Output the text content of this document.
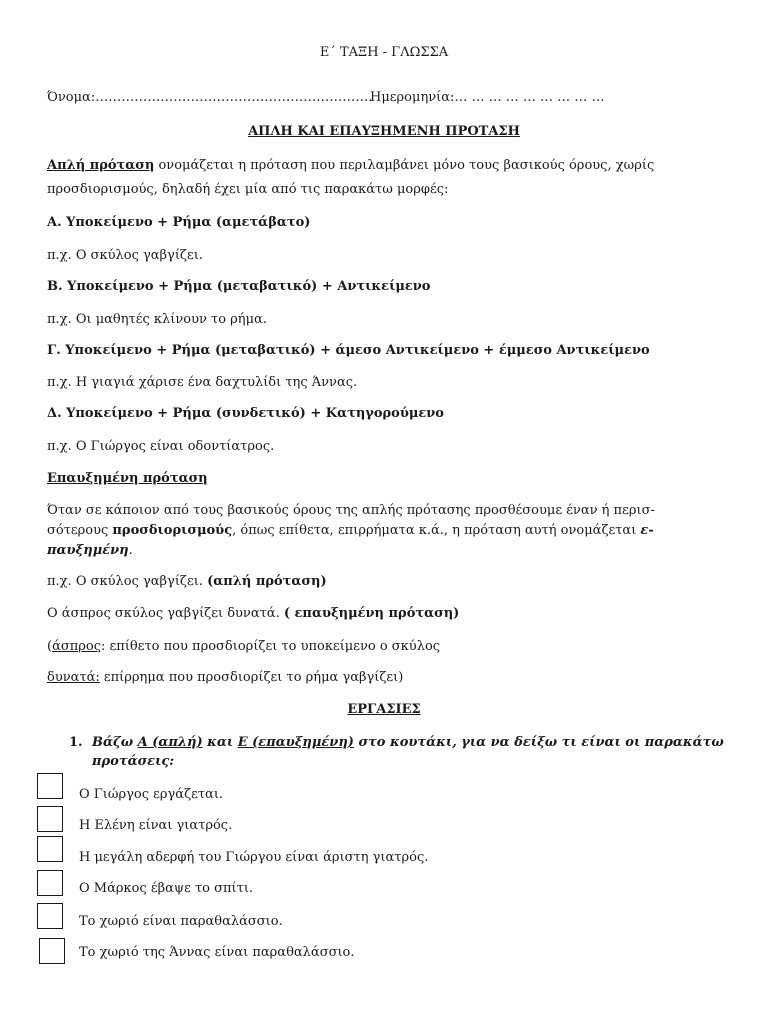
Ε΄ ΤΑΞΗ - ΓΛΩΣΣΑ
Όνομα:……………………………………………………….
Ημερομηνία:… … … … … … … … …
ΑΠΛΗ ΚΑΙ ΕΠΑΥΞΗΜΕΝΗ ΠΡΟΤΑΣΗ
Απλή πρόταση ονομάζεται η πρόταση που περιλαμβάνει μόνο τους βασικούς όρους, χωρίς
προσδιορισμούς, δηλαδή έχει μία από τις παρακάτω μορφές:
Α. Υποκείμενο + Ρήμα (αμετάβατο)
π.χ. Ο σκύλος γαβγίζει.
Β. Υποκείμενο + Ρήμα (μεταβατικό) + Αντικείμενο
π.χ. Οι μαθητές κλίνουν το ρήμα.
Γ. Υποκείμενο + Ρήμα (μεταβατικό) + άμεσο Αντικείμενο + έμμεσο Αντικείμενο
π.χ. Η γιαγιά χάρισε ένα δαχτυλίδι της Άννας.
Δ. Υποκείμενο + Ρήμα (συνδετικό) + Κατηγορούμενο
π.χ. Ο Γιώργος είναι οδοντίατρος.
Επαυξημένη πρόταση
Όταν σε κάποιον από τους βασικούς όρους της απλής πρότασης προσθέσουμε έναν ή περισ-
σότερους προσδιορισμούς, όπως επίθετα, επιρρήματα κ.ά., η πρόταση αυτή ονομάζεται ε-
παυξημένη.
π.χ. Ο σκύλος γαβγίζει. (απλή πρόταση)
Ο άσπρος σκύλος γαβγίζει δυνατά. ( επαυξημένη πρόταση)
(άσπρος: επίθετο που προσδιορίζει το υποκείμενο ο σκύλος
δυνατά: επίρρημα που προσδιορίζει το ρήμα γαβγίζει)
ΕΡΓΑΣΙΕΣ
1. Βάζω Α (απλή) και Ε (επαυξημένη) στο κουτάκι, για να δείξω τι είναι οι παρακάτω
προτάσεις:
Ο Γιώργος εργάζεται.
Η Ελένη είναι γιατρός.
Η μεγάλη αδερφή του Γιώργου είναι άριστη γιατρός.
Ο Μάρκος έβαψε το σπίτι.
Το χωριό είναι παραθαλάσσιο.
Το χωριό της Άννας είναι παραθαλάσσιο.
